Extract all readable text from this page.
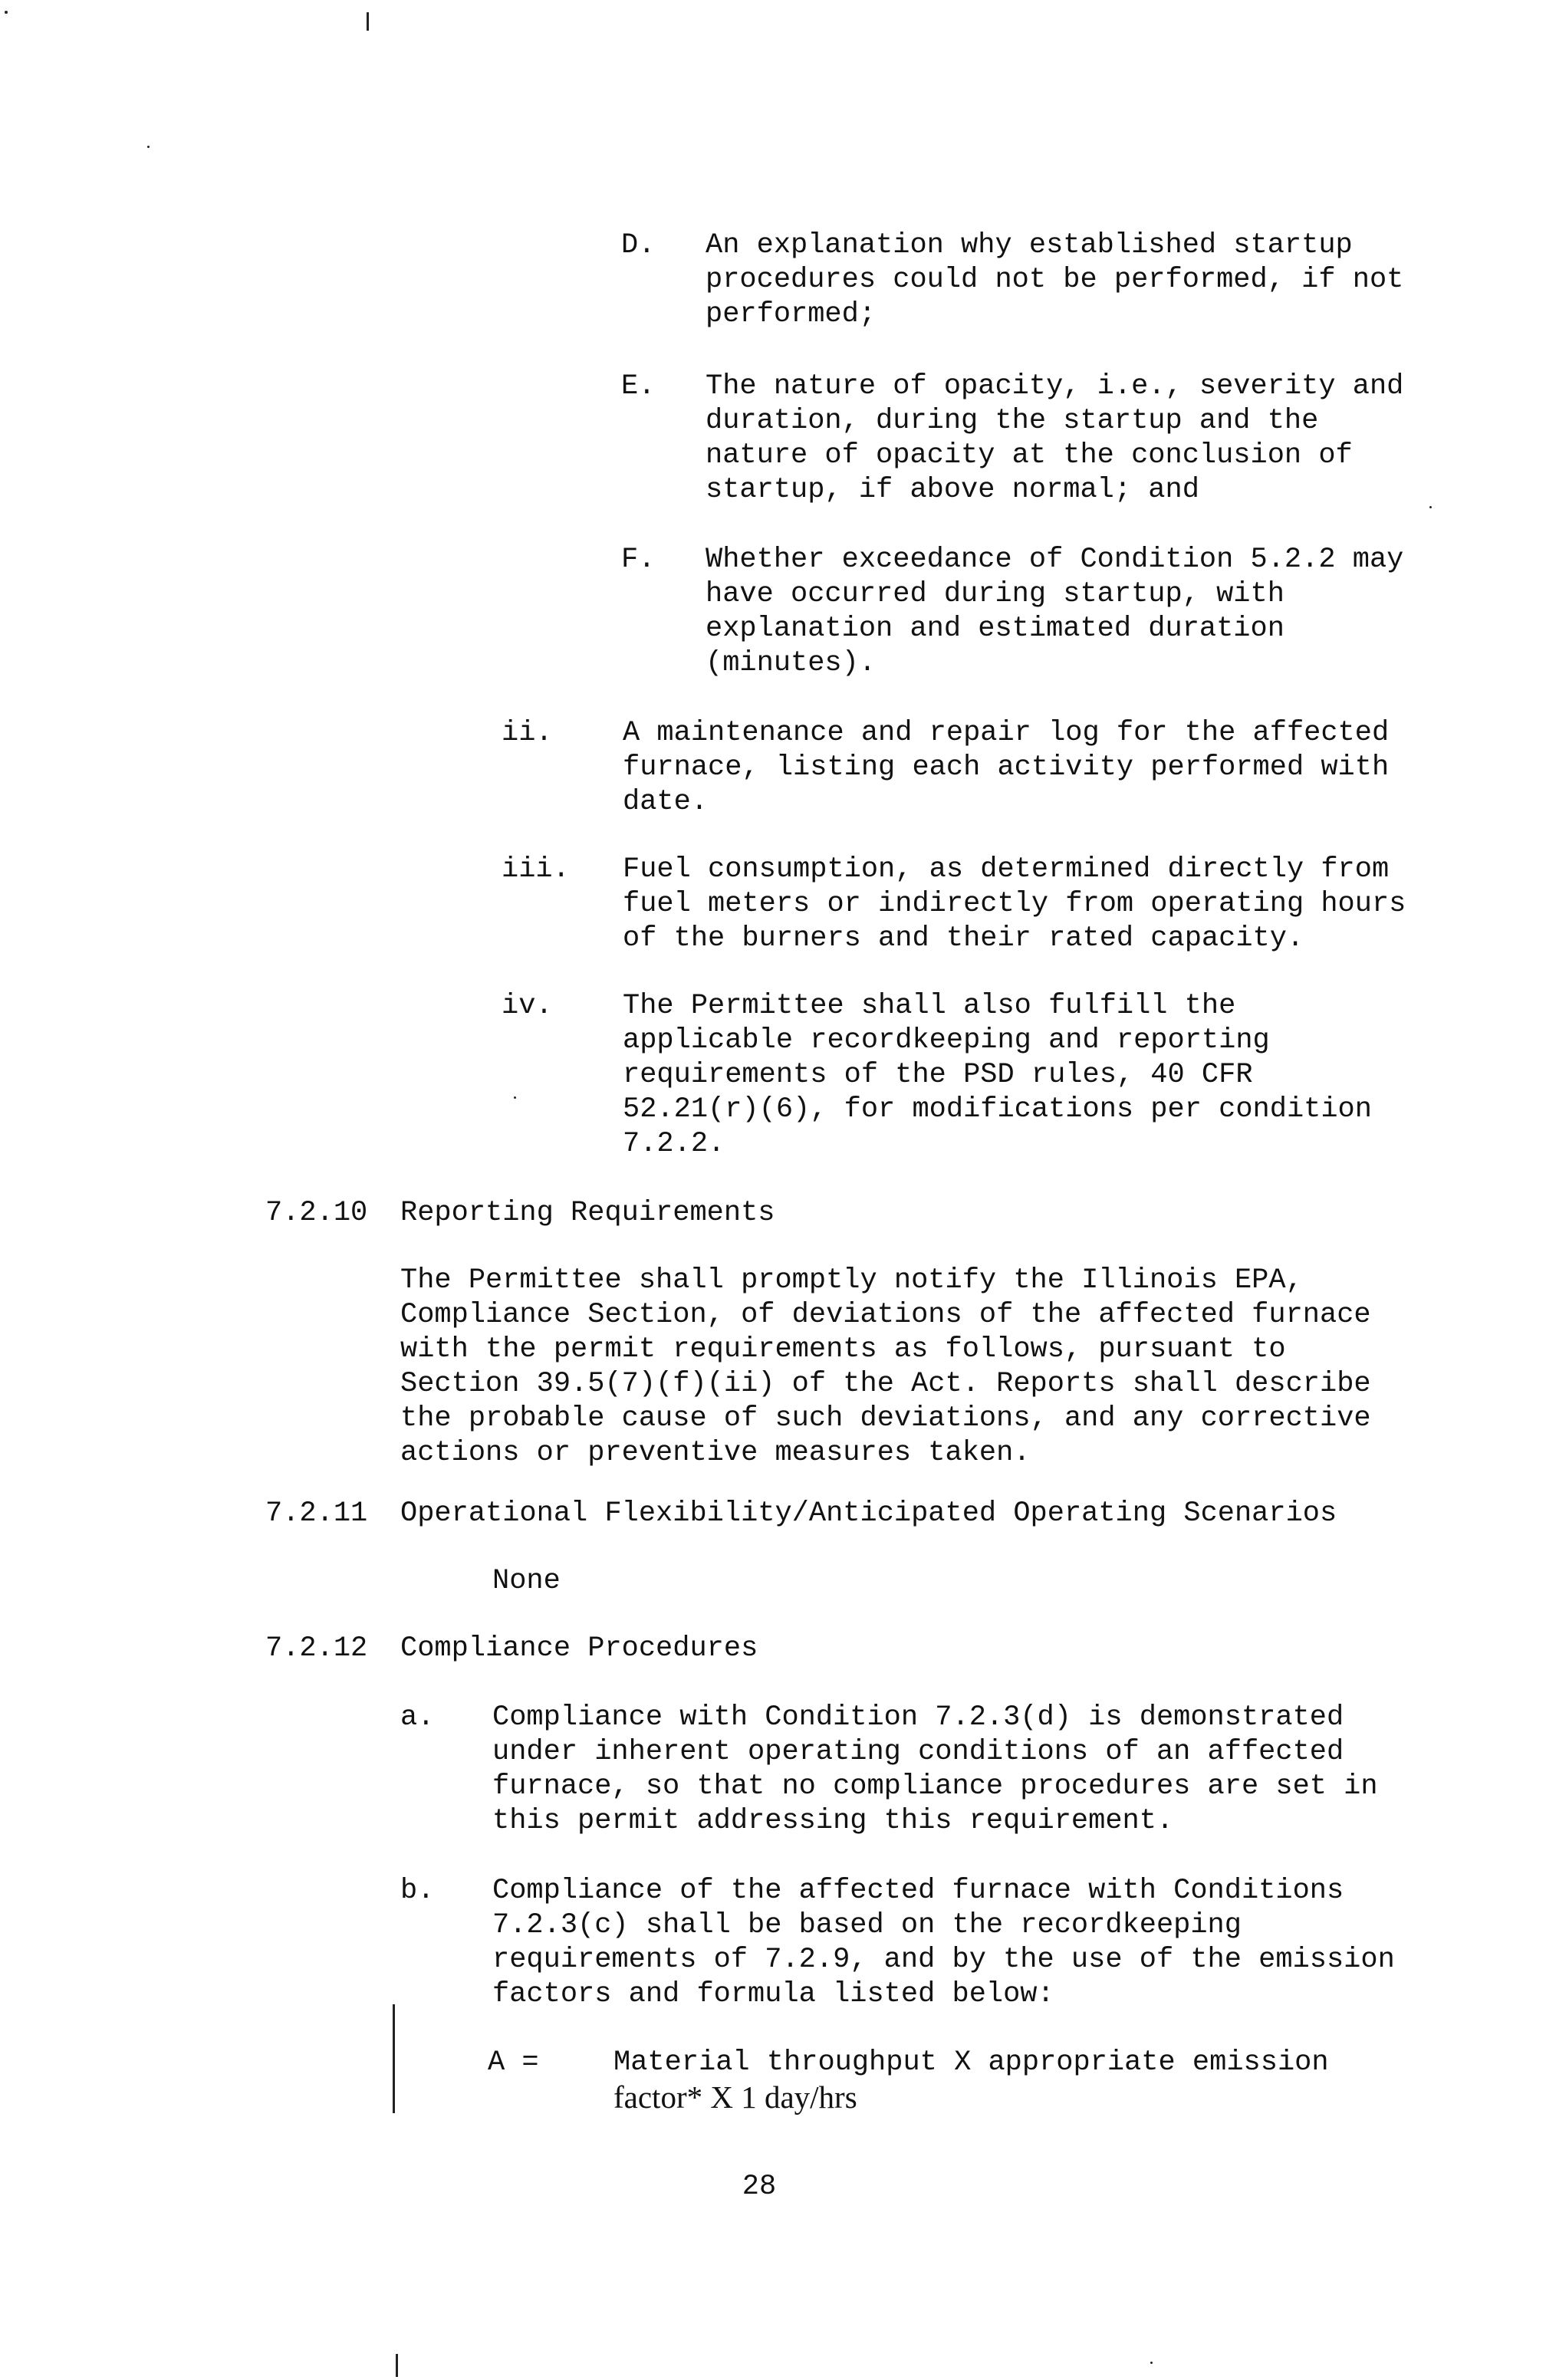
D. An explanation why established startup
procedures could not be performed, if not
performed;
E. The nature of opacity, i.e., severity and
duration, during the startup and the
nature of opacity at the conclusion of
startup, if above normal; and
F. Whether exceedance of Condition 5.2.2 may
have occurred during startup, with
explanation and estimated duration
(minutes).
ii. A maintenance and repair log for the affected
furnace, listing each activity performed with
date.
iii. Fuel consumption, as determined directly from
fuel meters or indirectly from operating hours
of the burners and their rated capacity.
iv. The Permittee shall also fulfill the
applicable recordkeeping and reporting
requirements of the PSD rules, 40 CFR
52.21(r)(6), for modifications per condition
7.2.2.
7.2.10 Reporting Requirements
The Permittee shall promptly notify the Illinois EPA,
Compliance Section, of deviations of the affected furnace
with the permit requirements as follows, pursuant to
Section 39.5(7)(f)(ii) of the Act. Reports shall describe
the probable cause of such deviations, and any corrective
actions or preventive measures taken.
7.2.11 Operational Flexibility/Anticipated Operating Scenarios
None
7.2.12 Compliance Procedures
a. Compliance with Condition 7.2.3(d) is demonstrated
under inherent operating conditions of an affected
furnace, so that no compliance procedures are set in
this permit addressing this requirement.
b. Compliance of the affected furnace with Conditions
7.2.3(c) shall be based on the recordkeeping
requirements of 7.2.9, and by the use of the emission
factors and formula listed below:
A =	Material throughput X appropriate emission
factor* X 1 day/hrs
28
